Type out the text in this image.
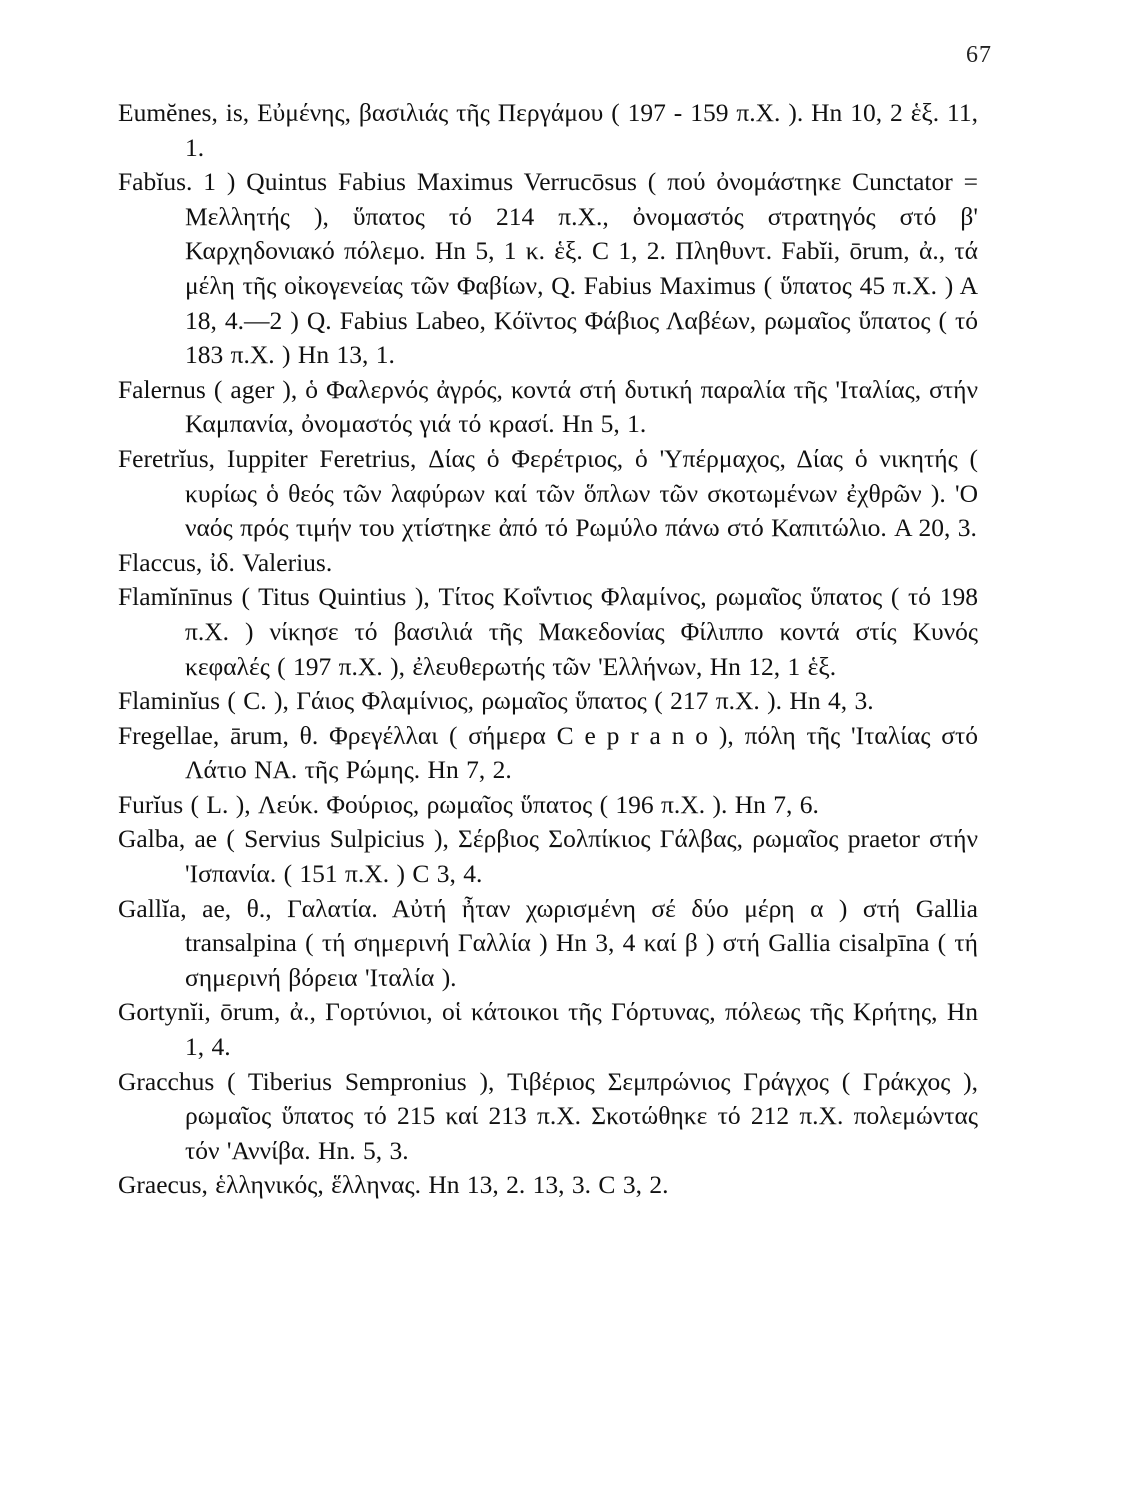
67

Eumĕnes, is, Εὐμένης, βασιλιάς τῆς Περγάμου ( 197 - 159 π.Χ. ). Hn 10, 2 ἑξ. 11, 1.

Fabĭus. 1 ) Quintus Fabius Maximus Verrucōsus ( πού ὀνομάστηκε Cunctator = Μελλητής ), ὕπατος τό 214 π.Χ., ὀνομαστός στρατηγός στό β' Καρχηδονιακό πόλεμο. Hn 5, 1 κ. ἑξ. C 1, 2. Πληθυντ. Fabĭi, ōrum, ἀ., τά μέλη τῆς οἰκογενείας τῶν Φαβίων, Q. Fabius Maximus ( ὕπατος 45 π.Χ. ) A 18, 4.—2 ) Q. Fabius Labeo, Κόϊντος Φάβιος Λαβέων, ρωμαῖος ὕπατος ( τό 183 π.Χ. ) Hn 13, 1.

Falernus ( ager ), ὁ Φαλερνός ἀγρός, κοντά στή δυτική παραλία τῆς 'Ιταλίας, στήν Καμπανία, ὀνομαστός γιά τό κρασί. Hn 5, 1.

Feretrĭus, Iuppiter Feretrius, Δίας ὁ Φερέτριος, ὁ 'Υπέρμαχος, Δίας ὁ νικητής ( κυρίως ὁ θεός τῶν λαφύρων καί τῶν ὅπλων τῶν σκοτωμένων ἐχθρῶν ). 'Ο ναός πρός τιμήν του χτίστηκε ἀπό τό Ρωμύλο πάνω στό Καπιτώλιο. A 20, 3.

Flaccus, ἰδ. Valerius.

Flamĭnīnus ( Titus Quintius ), Τίτος Κοΐντιος Φλαμίνος, ρωμαῖος ὕπατος ( τό 198 π.Χ. ) νίκησε τό βασιλιά τῆς Μακεδονίας Φίλιππο κοντά στίς Κυνός κεφαλές ( 197 π.Χ. ), ἐλευθερωτής τῶν 'Ελλήνων, Hn 12, 1 ἑξ.

Flaminĭus ( C. ), Γάιος Φλαμίνιος, ρωμαῖος ὕπατος ( 217 π.Χ. ). Hn 4, 3.

Fregellae, ārum, θ. Φρεγέλλαι ( σήμερα C e p r a n o ), πόλη τῆς 'Ιταλίας στό Λάτιο ΝΑ. τῆς Ρώμης. Hn 7, 2.

Furĭus ( L. ), Λεύκ. Φούριος, ρωμαῖος ὕπατος ( 196 π.Χ. ). Hn 7, 6.

Galba, ae ( Servius Sulpicius ), Σέρβιος Σολπίκιος Γάλβας, ρωμαῖος praetor στήν 'Ισπανία. ( 151 π.Χ. ) C 3, 4.

Gallĭa, ae, θ., Γαλατία. Αὐτή ἦταν χωρισμένη σέ δύο μέρη α ) στή Gallia transalpina ( τή σημερινή Γαλλία ) Hn 3, 4 καί β ) στή Gallia cisalpīna ( τή σημερινή βόρεια 'Ιταλία ).

Gortynĭi, ōrum, ἀ., Γορτύνιοι, οἱ κάτοικοι τῆς Γόρτυνας, πόλεως τῆς Κρήτης, Hn 1, 4.

Gracchus ( Tiberius Sempronius ), Τιβέριος Σεμπρώνιος Γράγχος ( Γράκχος ), ρωμαῖος ὕπατος τό 215 καί 213 π.Χ. Σκοτώθηκε τό 212 π.Χ. πολεμώντας τόν 'Αννίβα. Hn. 5, 3.

Graecus, ἑλληνικός, ἕλληνας. Hn 13, 2. 13, 3. C 3, 2.
